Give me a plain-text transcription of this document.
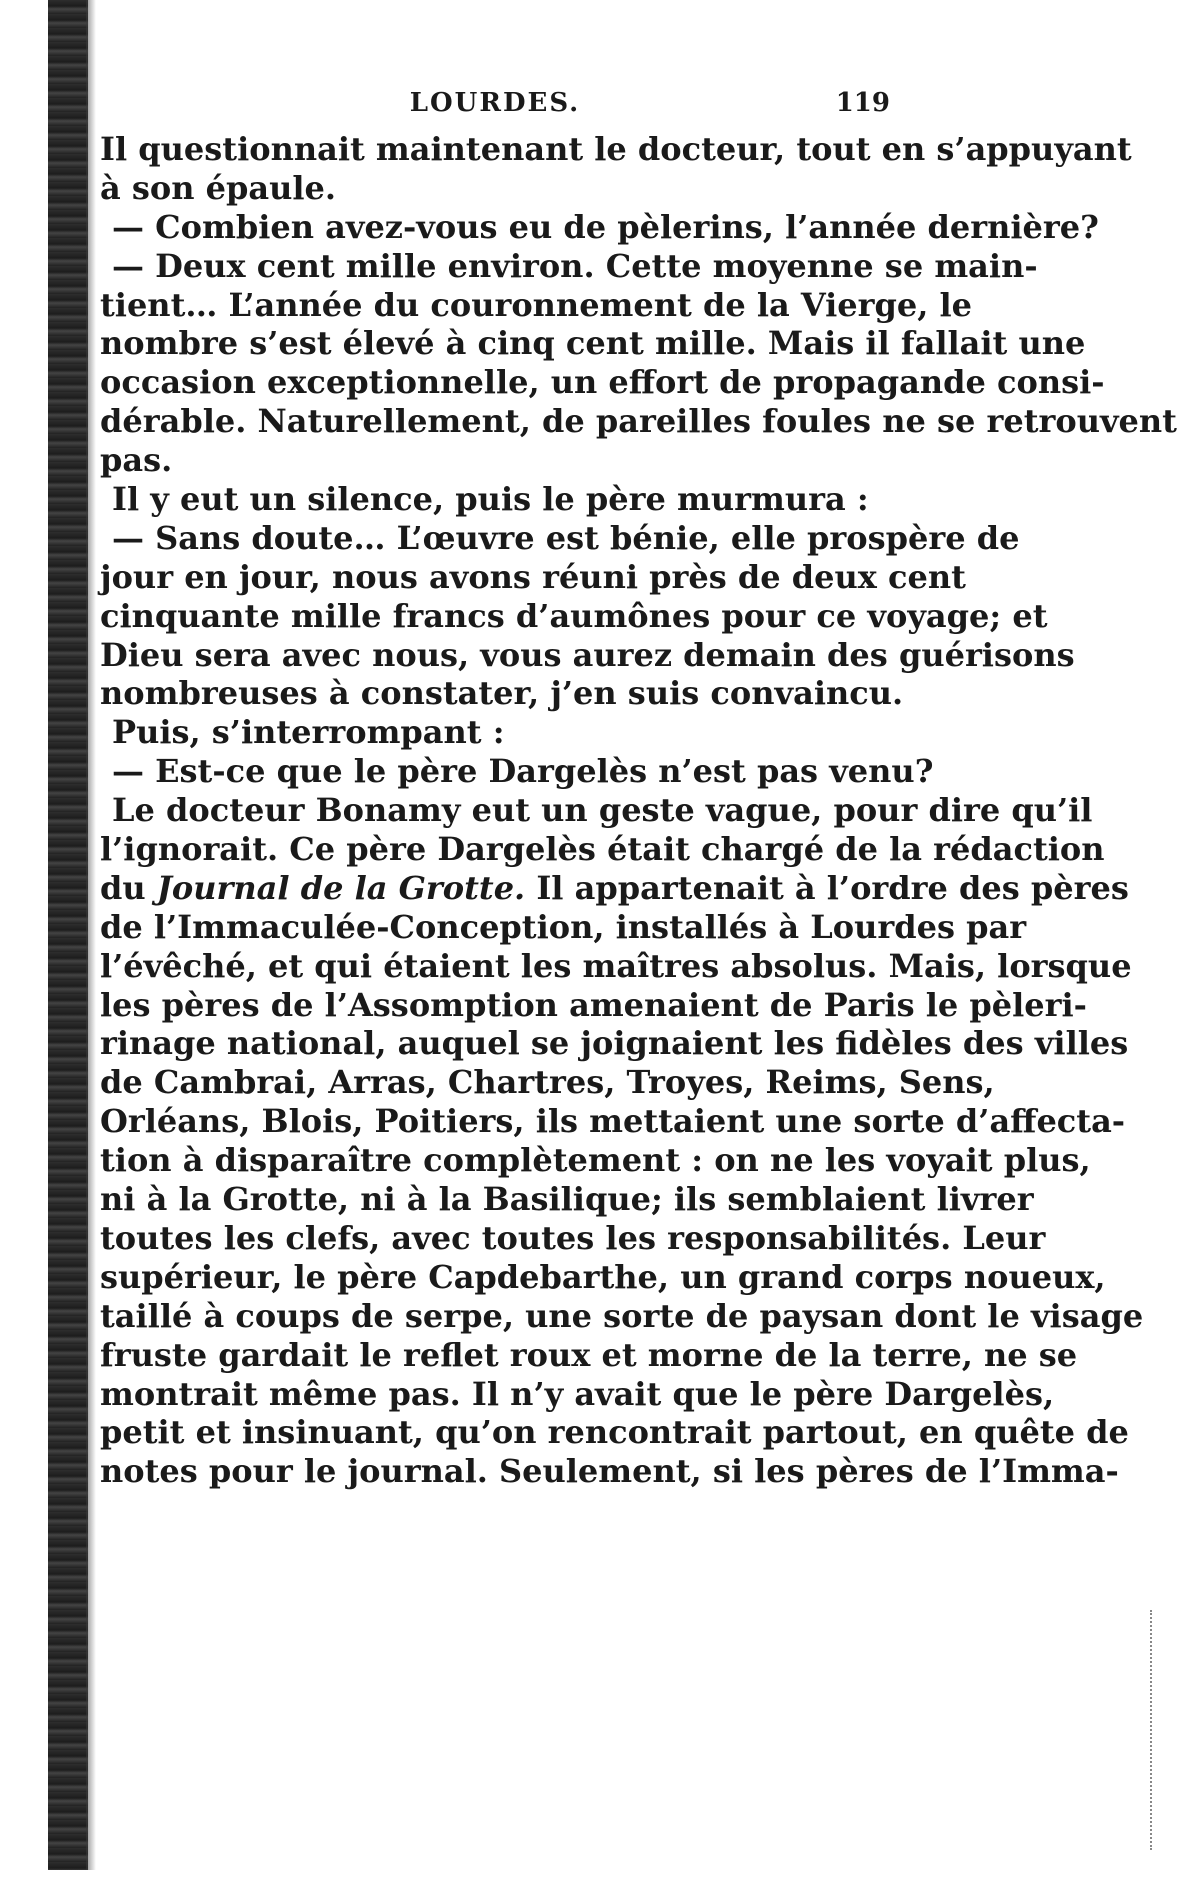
LOURDES.	119
Il questionnait maintenant le docteur, tout en s’appuyant
à son épaule.
— Combien avez-vous eu de pèlerins, l’année dernière?
— Deux cent mille environ. Cette moyenne se main-
tient… L’année du couronnement de la Vierge, le
nombre s’est élevé à cinq cent mille. Mais il fallait une
occasion exceptionnelle, un effort de propagande consi-
dérable. Naturellement, de pareilles foules ne se retrouvent
pas.
Il y eut un silence, puis le père murmura :
— Sans doute… L’œuvre est bénie, elle prospère de
jour en jour, nous avons réuni près de deux cent
cinquante mille francs d’aumônes pour ce voyage; et
Dieu sera avec nous, vous aurez demain des guérisons
nombreuses à constater, j’en suis convaincu.
Puis, s’interrompant :
— Est-ce que le père Dargelès n’est pas venu?
Le docteur Bonamy eut un geste vague, pour dire qu’il
l’ignorait. Ce père Dargelès était chargé de la rédaction
du Journal de la Grotte. Il appartenait à l’ordre des pères
de l’Immaculée-Conception, installés à Lourdes par
l’évêché, et qui étaient les maîtres absolus. Mais, lorsque
les pères de l’Assomption amenaient de Paris le pèleri-
rinage national, auquel se joignaient les fidèles des villes
de Cambrai, Arras, Chartres, Troyes, Reims, Sens,
Orléans, Blois, Poitiers, ils mettaient une sorte d’affecta-
tion à disparaître complètement : on ne les voyait plus,
ni à la Grotte, ni à la Basilique; ils semblaient livrer
toutes les clefs, avec toutes les responsabilités. Leur
supérieur, le père Capdebarthe, un grand corps noueux,
taillé à coups de serpe, une sorte de paysan dont le visage
fruste gardait le reflet roux et morne de la terre, ne se
montrait même pas. Il n’y avait que le père Dargelès,
petit et insinuant, qu’on rencontrait partout, en quête de
notes pour le journal. Seulement, si les pères de l’Imma-
